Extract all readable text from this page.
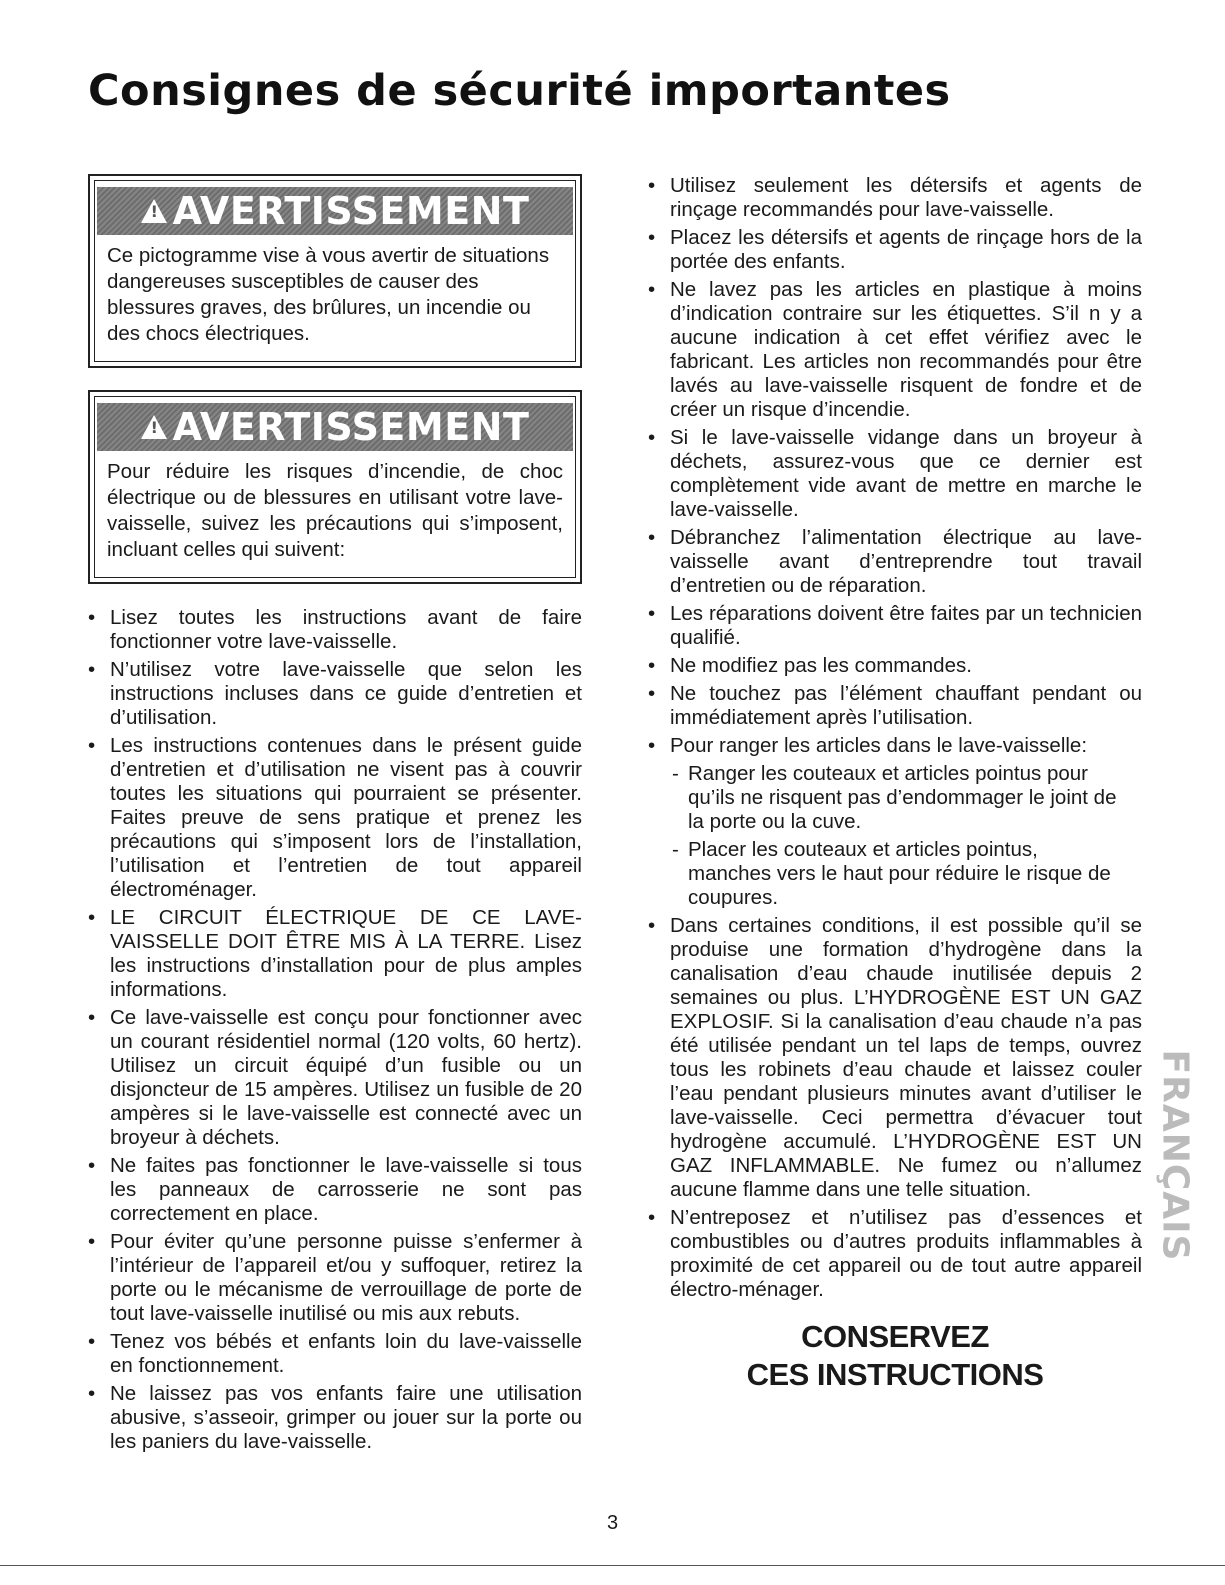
Consignes de sécurité importantes
!
AVERTISSEMENT
Ce pictogramme vise à vous avertir de situations dangereuses susceptibles de causer des blessures graves, des brûlures, un incendie ou des chocs électriques.
!
AVERTISSEMENT
Pour réduire les risques d’incendie, de choc électrique ou de blessures en utilisant votre lave-vaisselle, suivez les précautions qui s’imposent, incluant celles qui suivent:
• Lisez toutes les instructions avant de faire fonctionner votre lave-vaisselle.
• N’utilisez votre lave-vaisselle que selon les instructions incluses dans ce guide d’entretien et d’utilisation.
• Les instructions contenues dans le présent guide d’entretien et d’utilisation ne visent pas à couvrir toutes les situations qui pourraient se présenter. Faites preuve de sens pratique et prenez les précautions qui s’imposent lors de l’installation, l’utilisation et l’entretien de tout appareil électroménager.
• LE CIRCUIT ÉLECTRIQUE DE CE LAVE-VAISSELLE DOIT ÊTRE MIS À LA TERRE. Lisez les instructions d’installation pour de plus amples informations.
• Ce lave-vaisselle est conçu pour fonctionner avec un courant résidentiel normal (120 volts, 60 hertz). Utilisez un circuit équipé d’un fusible ou un disjoncteur de 15 ampères. Utilisez un fusible de 20 ampères si le lave-vaisselle est connecté avec un broyeur à déchets.
• Ne faites pas fonctionner le lave-vaisselle si tous les panneaux de carrosserie ne sont pas correctement en place.
• Pour éviter qu’une personne puisse s’enfermer à l’intérieur de l’appareil et/ou y suffoquer, retirez la porte ou le mécanisme de verrouillage de porte de tout lave-vaisselle inutilisé ou mis aux rebuts.
• Tenez vos bébés et enfants loin du lave-vaisselle en fonctionnement.
• Ne laissez pas vos enfants faire une utilisation abusive, s’asseoir, grimper ou jouer sur la porte ou les paniers du lave-vaisselle.
• Utilisez seulement les détersifs et agents de rinçage recommandés pour lave-vaisselle.
• Placez les détersifs et agents de rinçage hors de la portée des enfants.
• Ne lavez pas les articles en plastique à moins d’indication contraire sur les étiquettes. S’il n y a aucune indication à cet effet vérifiez avec le fabricant. Les articles non recommandés pour être lavés au lave-vaisselle risquent de fondre et de créer un risque d’incendie.
• Si le lave-vaisselle vidange dans un broyeur à déchets, assurez-vous que ce dernier est complètement vide avant de mettre en marche le lave-vaisselle.
• Débranchez l’alimentation électrique au lave-vaisselle avant d’entreprendre tout travail d’entretien ou de réparation.
• Les réparations doivent être faites par un technicien qualifié.
• Ne modifiez pas les commandes.
• Ne touchez pas l’élément chauffant pendant ou immédiatement après l’utilisation.
• Pour ranger les articles dans le lave-vaisselle:
- Ranger les couteaux et articles pointus pour qu’ils ne risquent pas d’endommager le joint de la porte ou la cuve.
- Placer les couteaux et articles pointus, manches vers le haut pour réduire le risque de coupures.
• Dans certaines conditions, il est possible qu’il se produise une formation d’hydrogène dans la canalisation d’eau chaude inutilisée depuis 2 semaines ou plus. L’HYDROGÈNE EST UN GAZ EXPLOSIF. Si la canalisation d’eau chaude n’a pas été utilisée pendant un tel laps de temps, ouvrez tous les robinets d’eau chaude et laissez couler l’eau pendant plusieurs minutes avant d’utiliser le lave-vaisselle. Ceci permettra d’évacuer tout hydrogène accumulé. L’HYDROGÈNE EST UN GAZ INFLAMMABLE. Ne fumez ou n’allumez aucune flamme dans une telle situation.
• N’entreposez et n’utilisez pas d’essences et combustibles ou d’autres produits inflammables à proximité de cet appareil ou de tout autre appareil électro-ménager.
CONSERVEZ
CES INSTRUCTIONS
FRANÇAIS
3
